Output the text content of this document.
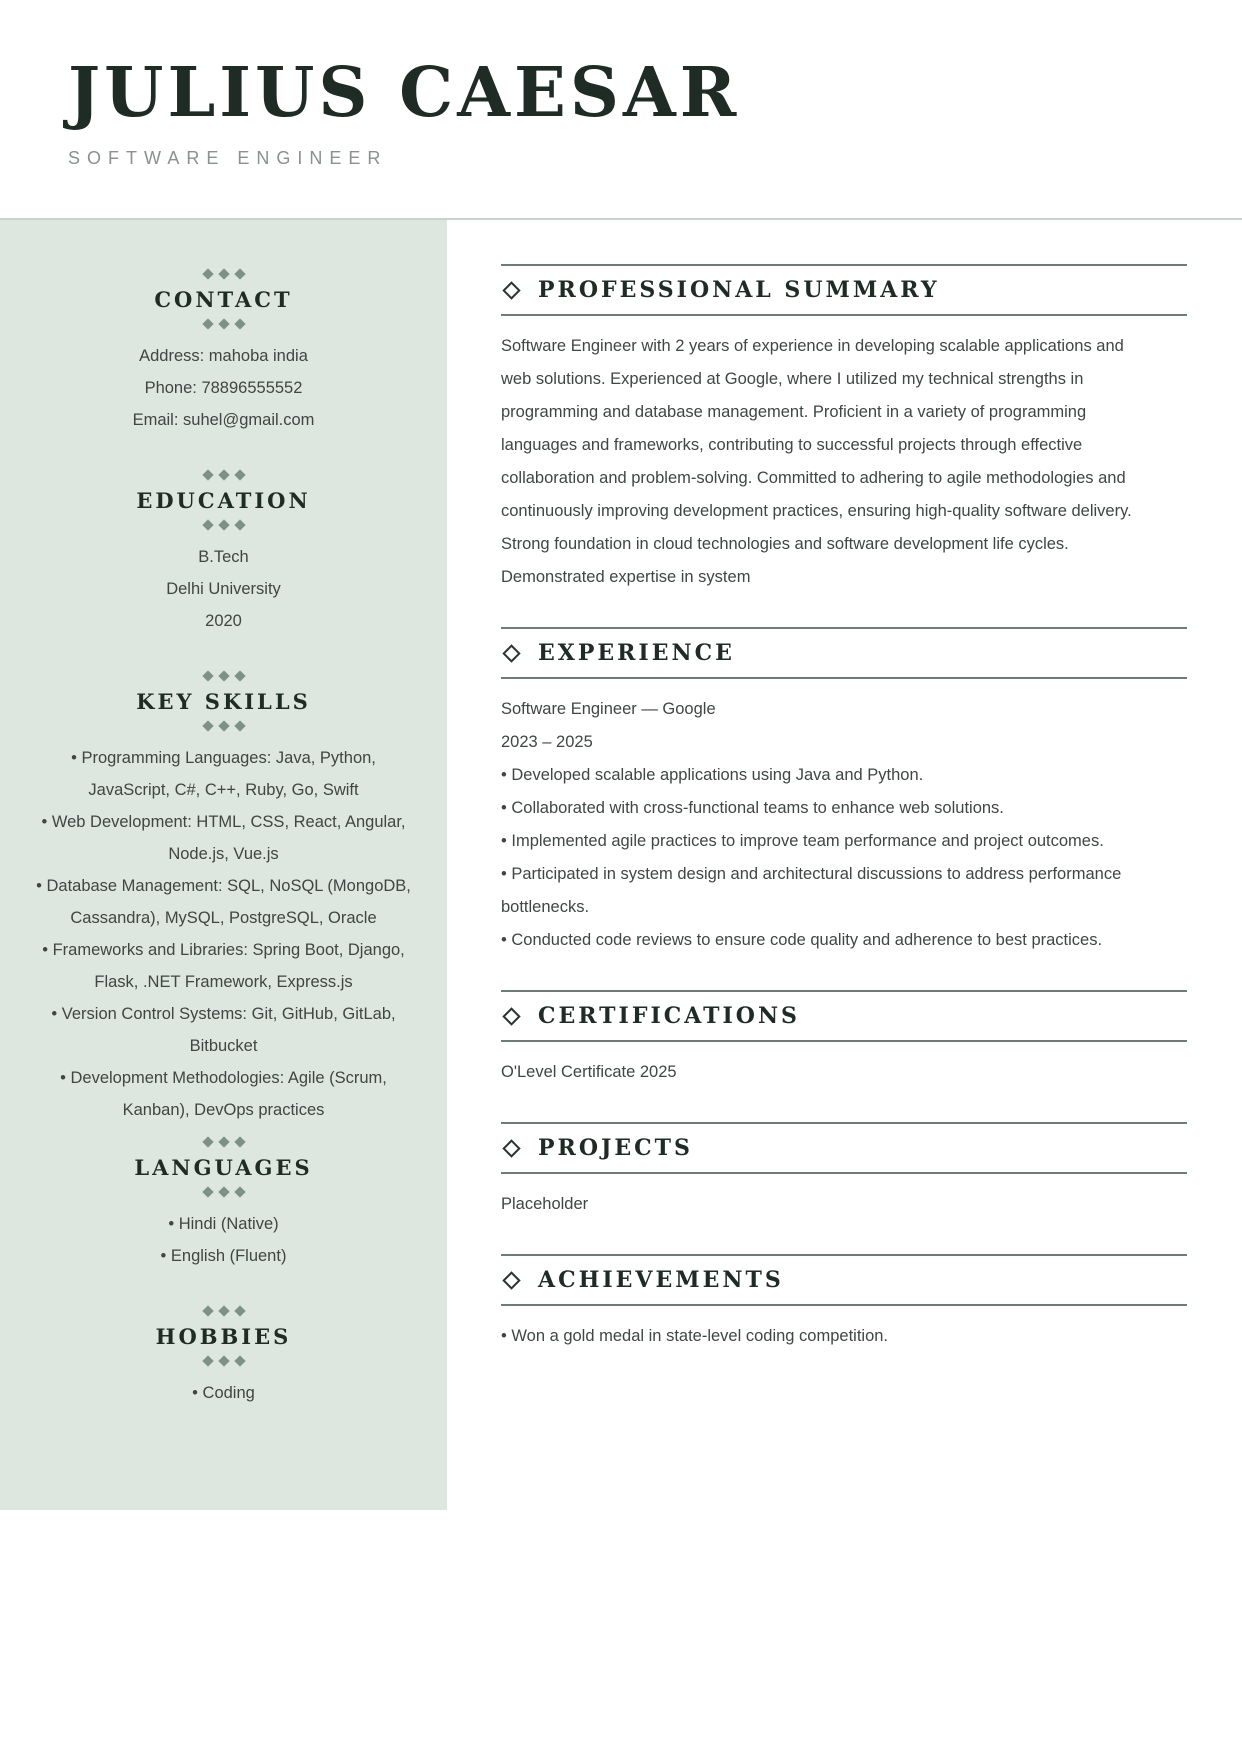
JULIUS CAESAR
SOFTWARE ENGINEER
CONTACT
Address: mahoba india
Phone: 78896555552
Email: suhel@gmail.com
EDUCATION
B.Tech
Delhi University
2020
KEY SKILLS
• Programming Languages: Java, Python,
JavaScript, C#, C++, Ruby, Go, Swift
• Web Development: HTML, CSS, React, Angular,
Node.js, Vue.js
• Database Management: SQL, NoSQL (MongoDB,
Cassandra), MySQL, PostgreSQL, Oracle
• Frameworks and Libraries: Spring Boot, Django,
Flask, .NET Framework, Express.js
• Version Control Systems: Git, GitHub, GitLab,
Bitbucket
• Development Methodologies: Agile (Scrum,
Kanban), DevOps practices
LANGUAGES
• Hindi (Native)
• English (Fluent)
HOBBIES
• Coding
PROFESSIONAL SUMMARY
Software Engineer with 2 years of experience in developing scalable applications and
web solutions. Experienced at Google, where I utilized my technical strengths in
programming and database management. Proficient in a variety of programming
languages and frameworks, contributing to successful projects through effective
collaboration and problem-solving. Committed to adhering to agile methodologies and
continuously improving development practices, ensuring high-quality software delivery.
Strong foundation in cloud technologies and software development life cycles.
Demonstrated expertise in system
EXPERIENCE
Software Engineer — Google
2023 – 2025
• Developed scalable applications using Java and Python.
• Collaborated with cross-functional teams to enhance web solutions.
• Implemented agile practices to improve team performance and project outcomes.
• Participated in system design and architectural discussions to address performance
bottlenecks.
• Conducted code reviews to ensure code quality and adherence to best practices.
CERTIFICATIONS
O'Level Certificate 2025
PROJECTS
Placeholder
ACHIEVEMENTS
• Won a gold medal in state-level coding competition.
